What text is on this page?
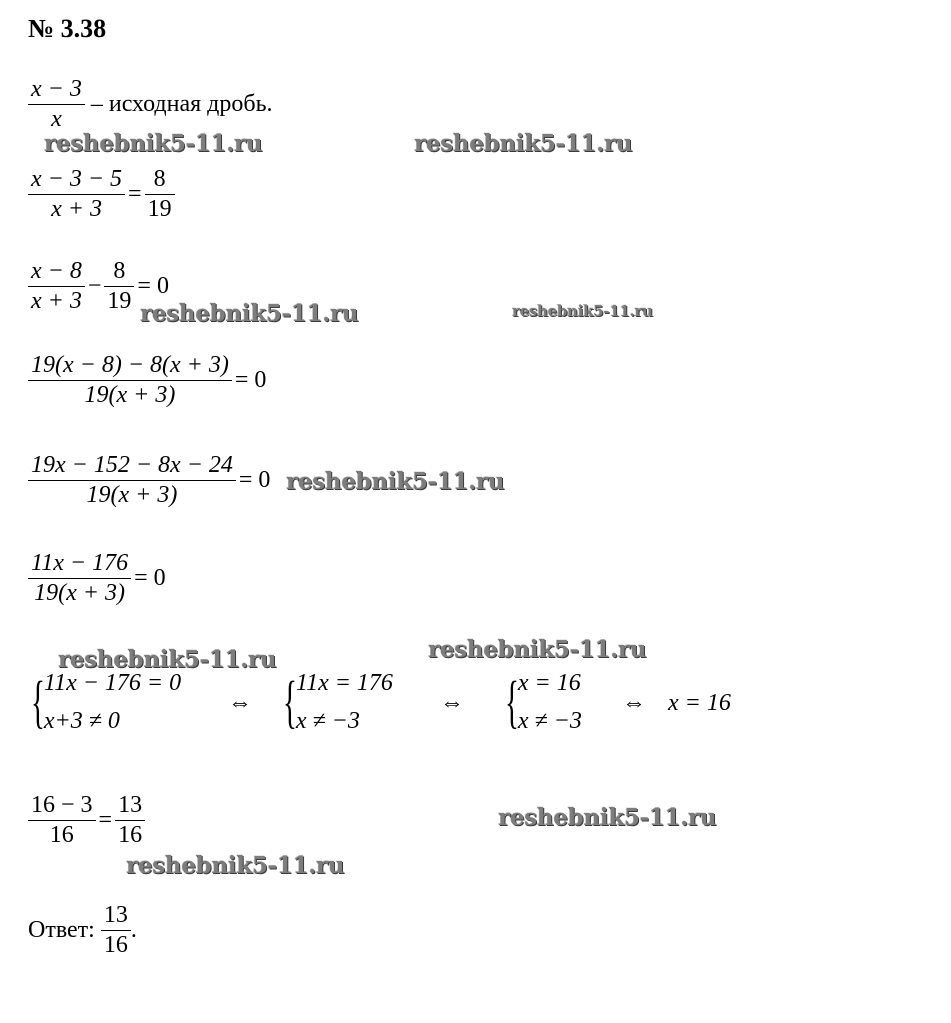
№ 3.38
$\frac{x - 3}{x}$ – исходная дробь.
$\frac{x - 3 - 5}{x + 3} = \frac{8}{19}$
$\frac{x - 8}{x + 3} - \frac{8}{19} = 0$
$\frac{19(x - 8) - 8(x + 3)}{19(x + 3)} = 0$
$\frac{19x - 152 - 8x - 24}{19(x + 3)} = 0$
$\frac{11x - 176}{19(x + 3)} = 0$
{
11x − 176 = 0
x+3 ≠ 0
⇔ {
11x = 176
x ≠ −3
⇔ {
x = 16
x ≠ −3
⇔ x = 16
$\frac{16 - 3}{16} = \frac{13}{16}$
Ответ: $\frac{13}{16}$ .
reshebnik5-11.ru	reshebnik5-11.ru
reshebnik5-11.ru	reshebnik5-11.ru
reshebnik5-11.ru
reshebnik5-11.ru	reshebnik5-11.ru
reshebnik5-11.ru
reshebnik5-11.ru
